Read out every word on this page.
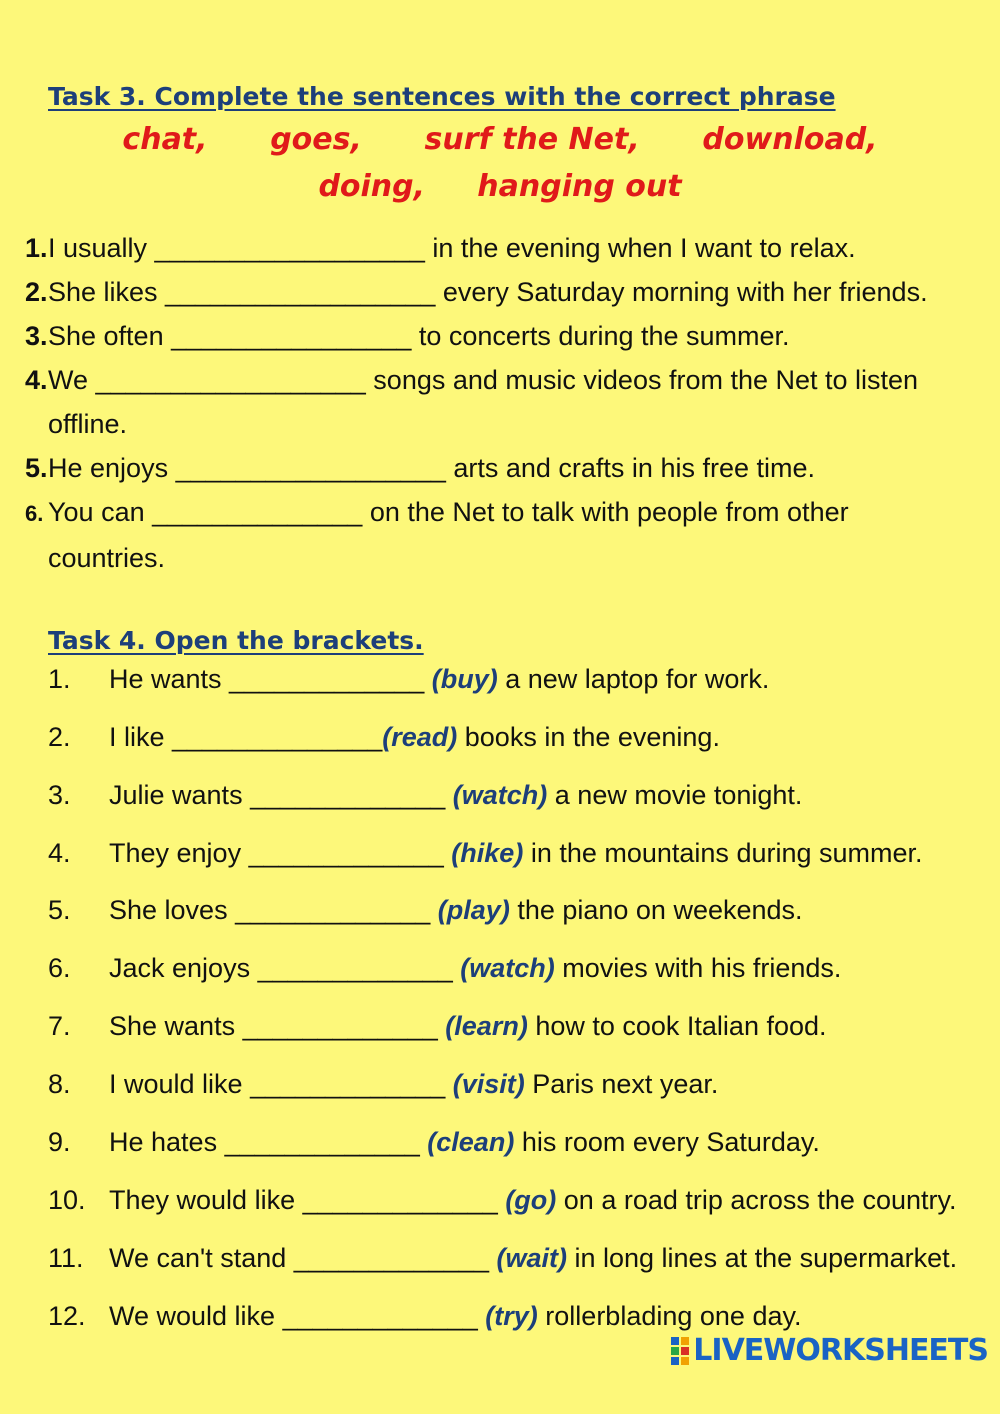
Task 3. Complete the sentences with the correct phrase
chat,      goes,      surf the Net,      download,
doing,     hanging out
1.I usually __________________ in the evening when I want to relax.
2.She likes __________________ every Saturday morning with her friends.
3.She often ________________ to concerts during the summer.
4.We __________________ songs and music videos from the Net to listen
offline.
5.He enjoys __________________ arts and crafts in his free time.
6. You can ______________ on the Net to talk with people from other
countries.
Task 4. Open the brackets.
1. He wants _____________ (buy) a new laptop for work.
2. I like ______________(read) books in the evening.
3. Julie wants _____________ (watch) a new movie tonight.
4. They enjoy _____________ (hike) in the mountains during summer.
5. She loves _____________ (play) the piano on weekends.
6. Jack enjoys _____________ (watch) movies with his friends.
7. She wants _____________ (learn) how to cook Italian food.
8. I would like _____________ (visit) Paris next year.
9. He hates _____________ (clean) his room every Saturday.
10. They would like _____________ (go) on a road trip across the country.
11. We can't stand _____________ (wait) in long lines at the supermarket.
12. We would like _____________ (try) rollerblading one day.
LIVEWORKSHEETS
